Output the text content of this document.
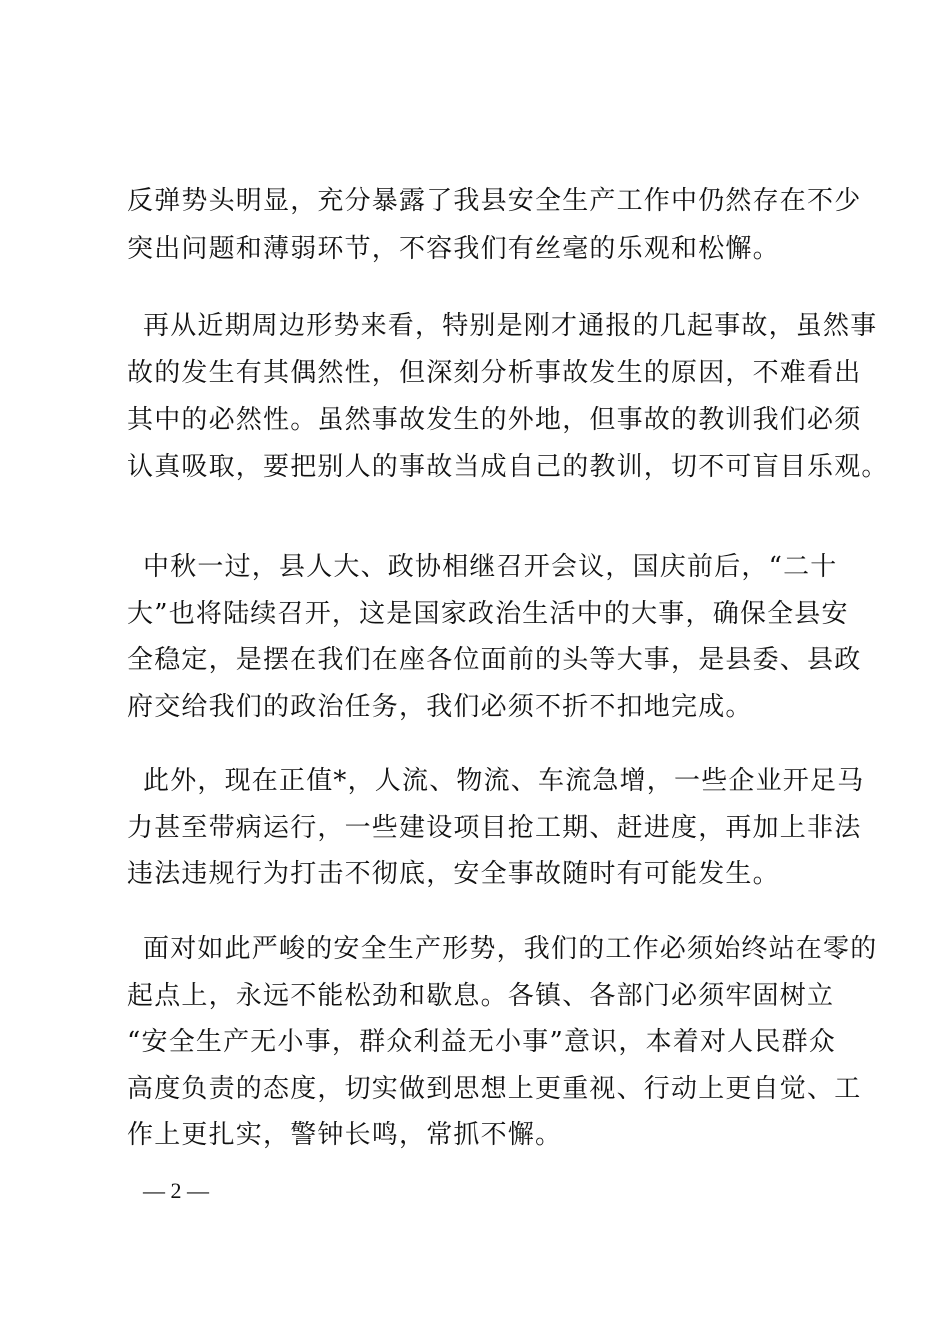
反弹势头明显，充分暴露了我县安全生产工作中仍然存在不少
突出问题和薄弱环节，不容我们有丝毫的乐观和松懈。
再从近期周边形势来看，特别是刚才通报的几起事故，虽然事
故的发生有其偶然性，但深刻分析事故发生的原因，不难看出
其中的必然性。虽然事故发生的外地，但事故的教训我们必须
认真吸取，要把别人的事故当成自己的教训，切不可盲目乐观。
中秋一过，县人大、政协相继召开会议，国庆前后，“二十
大”也将陆续召开，这是国家政治生活中的大事，确保全县安
全稳定，是摆在我们在座各位面前的头等大事，是县委、县政
府交给我们的政治任务，我们必须不折不扣地完成。
此外，现在正值*，人流、物流、车流急增，一些企业开足马
力甚至带病运行，一些建设项目抢工期、赶进度，再加上非法
违法违规行为打击不彻底，安全事故随时有可能发生。
面对如此严峻的安全生产形势，我们的工作必须始终站在零的
起点上，永远不能松劲和歇息。各镇、各部门必须牢固树立
“安全生产无小事，群众利益无小事”意识，本着对人民群众
高度负责的态度，切实做到思想上更重视、行动上更自觉、工
作上更扎实，警钟长鸣，常抓不懈。
— 2 —
